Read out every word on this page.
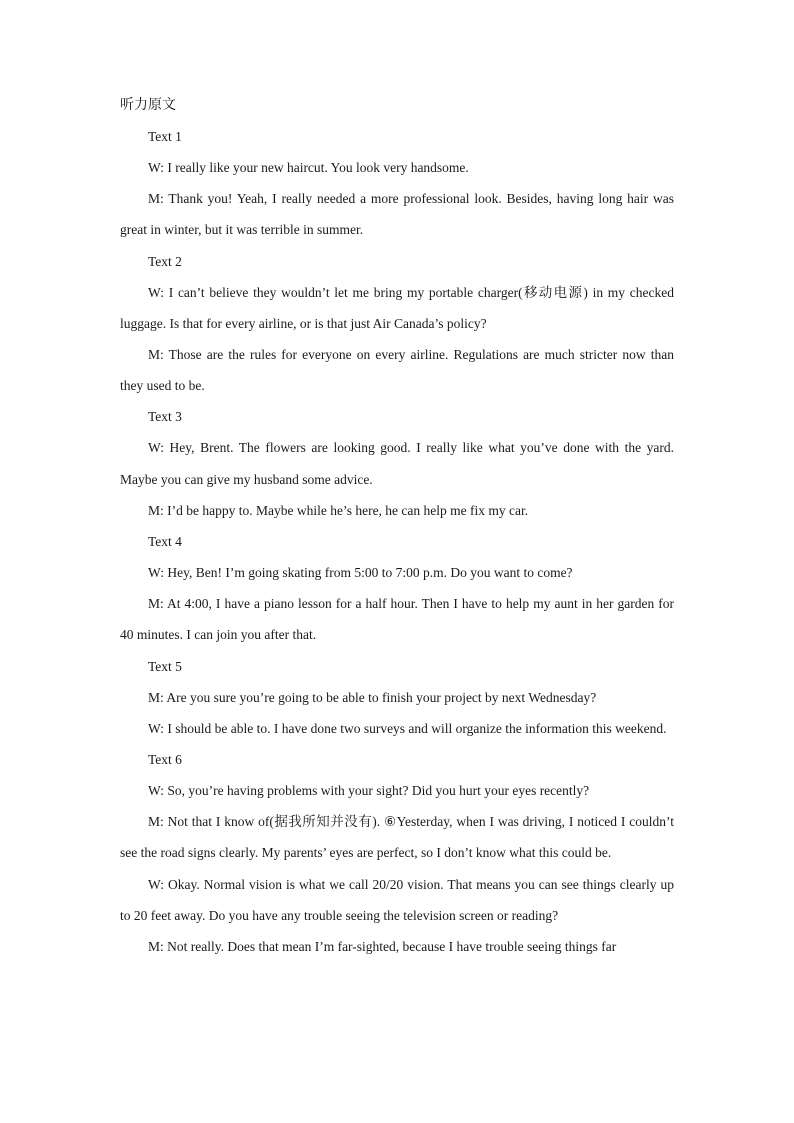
听力原文

Text 1

W: I really like your new haircut. You look very handsome.

M: Thank you! Yeah, I really needed a more professional look. Besides, having long hair was great in winter, but it was terrible in summer.

Text 2

W: I can’t believe they wouldn’t let me bring my portable charger(移动电源) in my checked luggage. Is that for every airline, or is that just Air Canada’s policy?

M: Those are the rules for everyone on every airline. Regulations are much stricter now than they used to be.

Text 3

W: Hey, Brent. The flowers are looking good. I really like what you’ve done with the yard. Maybe you can give my husband some advice.

M: I’d be happy to. Maybe while he’s here, he can help me fix my car.

Text 4

W: Hey, Ben! I’m going skating from 5:00 to 7:00 p.m. Do you want to come?

M: At 4:00, I have a piano lesson for a half hour. Then I have to help my aunt in her garden for 40 minutes. I can join you after that.

Text 5

M: Are you sure you’re going to be able to finish your project by next Wednesday?

W: I should be able to. I have done two surveys and will organize the information this weekend.

Text 6

W: So, you’re having problems with your sight? Did you hurt your eyes recently?

M: Not that I know of(据我所知并没有). ⑥Yesterday, when I was driving, I noticed I couldn’t see the road signs clearly. My parents’ eyes are perfect, so I don’t know what this could be.

W: Okay. Normal vision is what we call 20/20 vision. That means you can see things clearly up to 20 feet away. Do you have any trouble seeing the television screen or reading?

M: Not really. Does that mean I’m far-sighted, because I have trouble seeing things far
